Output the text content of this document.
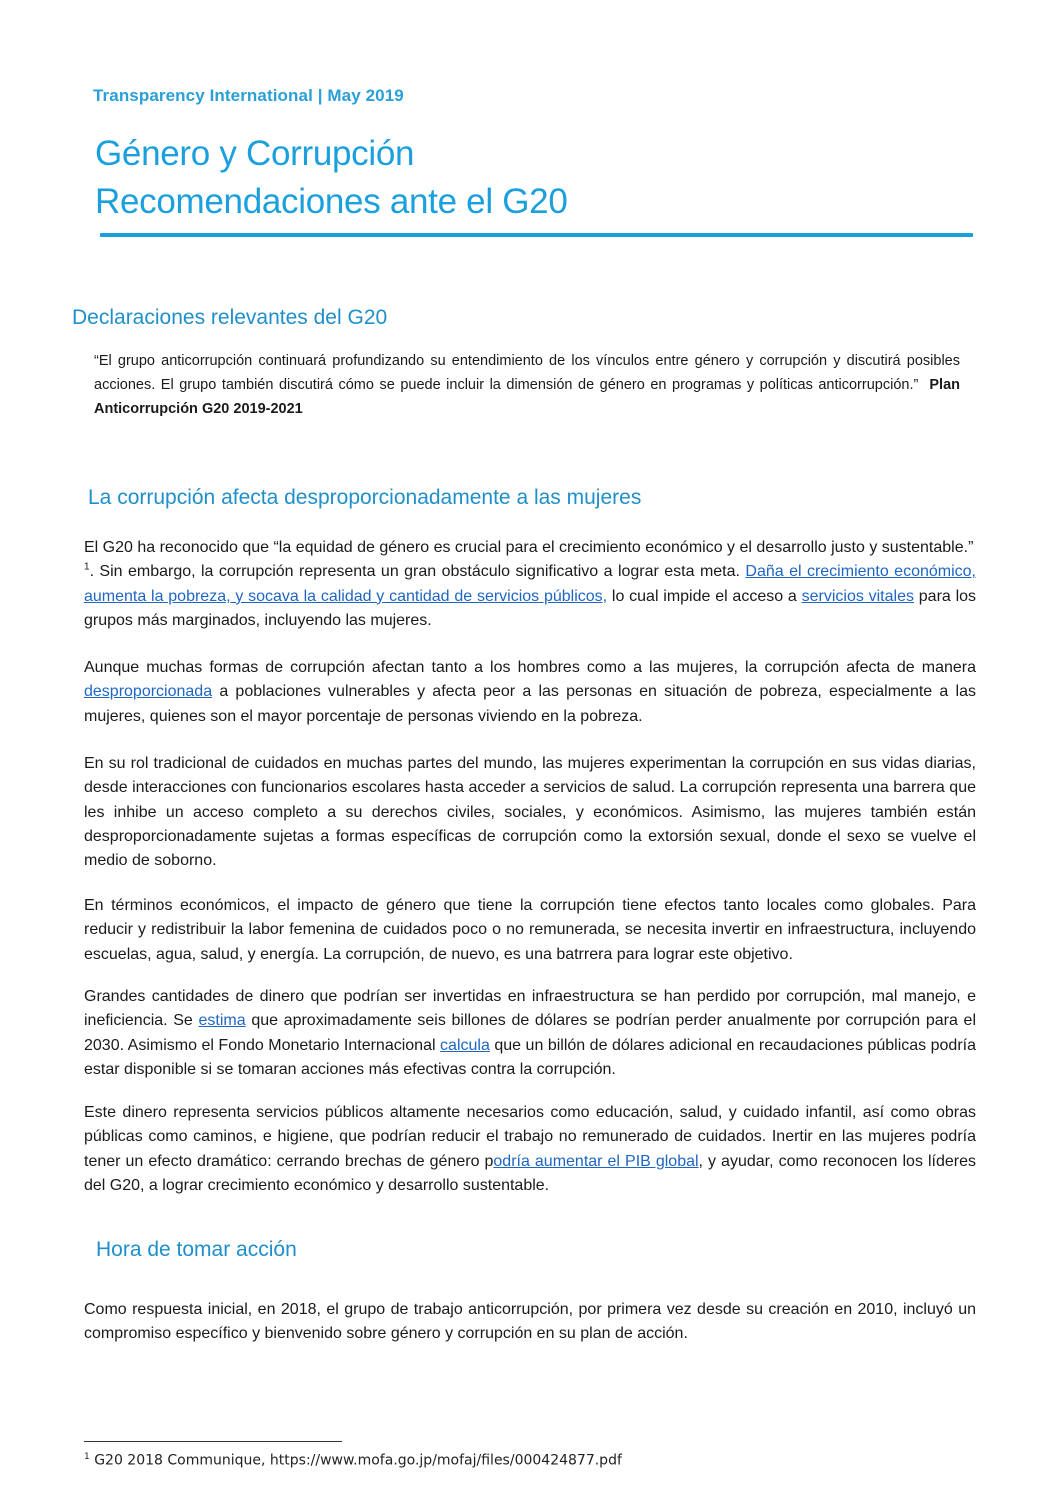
Transparency International | May 2019
Género y Corrupción
Recomendaciones ante el G20
Declaraciones relevantes del G20
“El grupo anticorrupción continuará profundizando su entendimiento de los vínculos entre género y corrupción y discutirá posibles acciones. El grupo también discutirá cómo se puede incluir la dimensión de género en programas y políticas anticorrupción.” Plan Anticorrupción G20 2019-2021
La corrupción afecta desproporcionadamente a las mujeres
El G20 ha reconocido que “la equidad de género es crucial para el crecimiento económico y el desarrollo justo y sustentable.”
$^1$. Sin embargo, la corrupción representa un gran obstáculo significativo a lograr esta meta. Daña el crecimiento económico, aumenta la pobreza, y socava la calidad y cantidad de servicios públicos, lo cual impide el acceso a servicios vitales para los grupos más marginados, incluyendo las mujeres.
Aunque muchas formas de corrupción afectan tanto a los hombres como a las mujeres, la corrupción afecta de manera desproporcionada a poblaciones vulnerables y afecta peor a las personas en situación de pobreza, especialmente a las mujeres, quienes son el mayor porcentaje de personas viviendo en la pobreza.
En su rol tradicional de cuidados en muchas partes del mundo, las mujeres experimentan la corrupción en sus vidas diarias, desde interacciones con funcionarios escolares hasta acceder a servicios de salud. La corrupción representa una barrera que les inhibe un acceso completo a su derechos civiles, sociales, y económicos. Asimismo, las mujeres también están desproporcionadamente sujetas a formas específicas de corrupción como la extorsión sexual, donde el sexo se vuelve el medio de soborno.
En términos económicos, el impacto de género que tiene la corrupción tiene efectos tanto locales como globales. Para reducir y redistribuir la labor femenina de cuidados poco o no remunerada, se necesita invertir en infraestructura, incluyendo escuelas, agua, salud, y energía. La corrupción, de nuevo, es una batrrera para lograr este objetivo.
Grandes cantidades de dinero que podrían ser invertidas en infraestructura se han perdido por corrupción, mal manejo, e ineficiencia. Se estima que aproximadamente seis billones de dólares se podrían perder anualmente por corrupción para el 2030. Asimismo el Fondo Monetario Internacional calcula que un billón de dólares adicional en recaudaciones públicas podría estar disponible si se tomaran acciones más efectivas contra la corrupción.
Este dinero representa servicios públicos altamente necesarios como educación, salud, y cuidado infantil, así como obras públicas como caminos, e higiene, que podrían reducir el trabajo no remunerado de cuidados. Inertir en las mujeres podría tener un efecto dramático: cerrando brechas de género podría aumentar el PIB global, y ayudar, como reconocen los líderes del G20, a lograr crecimiento económico y desarrollo sustentable.
Hora de tomar acción
Como respuesta inicial, en 2018, el grupo de trabajo anticorrupción, por primera vez desde su creación en 2010, incluyó un compromiso específico y bienvenido sobre género y corrupción en su plan de acción.
$^1$ G20 2018 Communique, https://www.mofa.go.jp/mofaj/files/000424877.pdf
